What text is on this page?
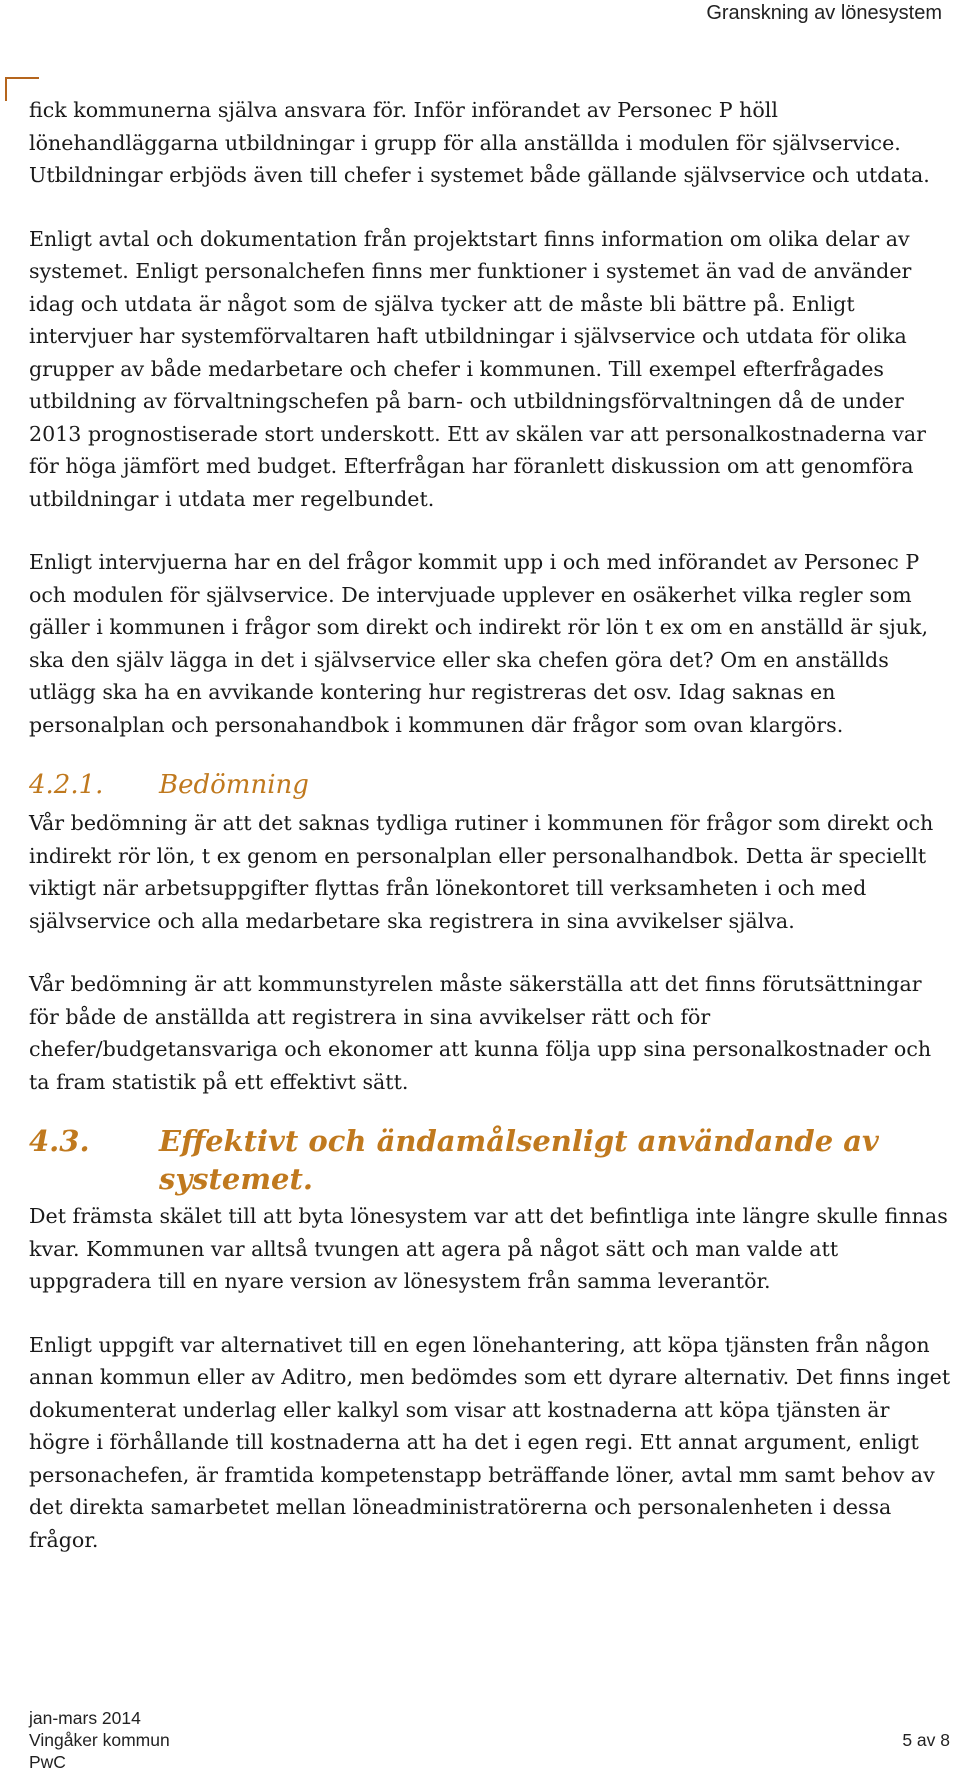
Granskning av lönesystem

fick kommunerna själva ansvara för. Inför införandet av Personec P höll lönehandläggarna utbildningar i grupp för alla anställda i modulen för självservice. Utbildningar erbjöds även till chefer i systemet både gällande självservice och utdata.

Enligt avtal och dokumentation från projektstart finns information om olika delar av systemet. Enligt personalchefen finns mer funktioner i systemet än vad de använder idag och utdata är något som de själva tycker att de måste bli bättre på. Enligt intervjuer har systemförvaltaren haft utbildningar i självservice och utdata för olika grupper av både medarbetare och chefer i kommunen. Till exempel efterfrågades utbildning av förvaltningschefen på barn- och utbildningsförvaltningen då de under 2013 prognostiserade stort underskott. Ett av skälen var att personalkostnaderna var för höga jämfört med budget. Efterfrågan har föranlett diskussion om att genomföra utbildningar i utdata mer regelbundet.

Enligt intervjuerna har en del frågor kommit upp i och med införandet av Personec P och modulen för självservice. De intervjuade upplever en osäkerhet vilka regler som gäller i kommunen i frågor som direkt och indirekt rör lön t ex om en anställd är sjuk, ska den själv lägga in det i självservice eller ska chefen göra det? Om en anställds utlägg ska ha en avvikande kontering hur registreras det osv. Idag saknas en personalplan och personahandbok i kommunen där frågor som ovan klargörs.

4.2.1.	Bedömning

Vår bedömning är att det saknas tydliga rutiner i kommunen för frågor som direkt och indirekt rör lön, t ex genom en personalplan eller personalhandbok. Detta är speciellt viktigt när arbetsuppgifter flyttas från lönekontoret till verksamheten i och med självservice och alla medarbetare ska registrera in sina avvikelser själva.

Vår bedömning är att kommunstyrelen måste säkerställa att det finns förutsättningar för både de anställda att registrera in sina avvikelser rätt och för chefer/budgetansvariga och ekonomer att kunna följa upp sina personalkostnader och ta fram statistik på ett effektivt sätt.

4.3.	Effektivt och ändamålsenligt användande av systemet.

Det främsta skälet till att byta lönesystem var att det befintliga inte längre skulle finnas kvar. Kommunen var alltså tvungen att agera på något sätt och man valde att uppgradera till en nyare version av lönesystem från samma leverantör.

Enligt uppgift var alternativet till en egen lönehantering, att köpa tjänsten från någon annan kommun eller av Aditro, men bedömdes som ett dyrare alternativ. Det finns inget dokumenterat underlag eller kalkyl som visar att kostnaderna att köpa tjänsten är högre i förhållande till kostnaderna att ha det i egen regi. Ett annat argument, enligt personachefen, är framtida kompetenstapp beträffande löner, avtal mm samt behov av det direkta samarbetet mellan löneadministratörerna och personalenheten i dessa frågor.

jan-mars 2014
Vingåker kommun
PwC
5 av 8
